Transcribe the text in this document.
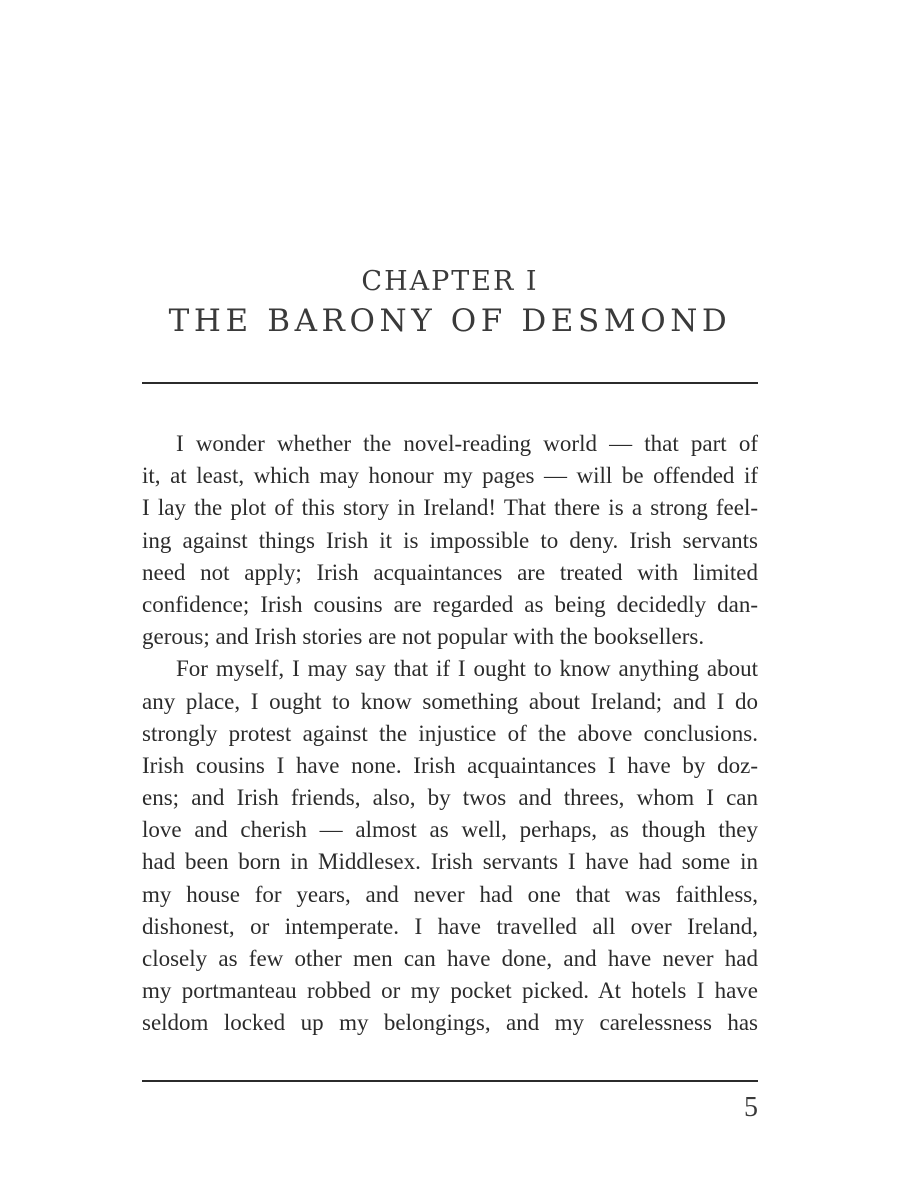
CHAPTER I
THE BARONY OF DESMOND
I wonder whether the novel-reading world — that part of
it, at least, which may honour my pages — will be offended if
I lay the plot of this story in Ireland! That there is a strong feel-
ing against things Irish it is impossible to deny. Irish servants
need not apply; Irish acquaintances are treated with limited
confidence; Irish cousins are regarded as being decidedly dan-
gerous; and Irish stories are not popular with the booksellers.
For myself, I may say that if I ought to know anything about
any place, I ought to know something about Ireland; and I do
strongly protest against the injustice of the above conclusions.
Irish cousins I have none. Irish acquaintances I have by doz-
ens; and Irish friends, also, by twos and threes, whom I can
love and cherish — almost as well, perhaps, as though they
had been born in Middlesex. Irish servants I have had some in
my house for years, and never had one that was faithless,
dishonest, or intemperate. I have travelled all over Ireland,
closely as few other men can have done, and have never had
my portmanteau robbed or my pocket picked. At hotels I have
seldom locked up my belongings, and my carelessness has
5
